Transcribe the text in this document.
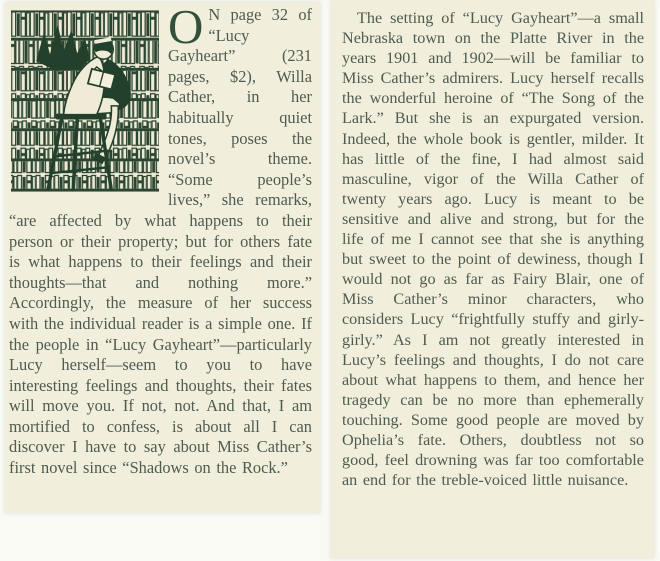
O N page 32 of “Lucy Gayheart” (231 pages, $2), Willa Cather, in her habitually quiet tones, poses the novel’s theme. “Some people’s lives,” she remarks, “are affected by what happens to their person or their property; but for others fate is what happens to their feelings and their thoughts—that and nothing more.” Accordingly, the measure of her success with the individual reader is a simple one. If the people in “Lucy Gayheart”—particularly Lucy herself—seem to you to have interesting feelings and thoughts, their fates will move you. If not, not. And that, I am mortified to confess, is about all I can discover I have to say about Miss Cather’s first novel since “Shadows on the Rock.”

The setting of “Lucy Gayheart”—a small Nebraska town on the Platte River in the years 1901 and 1902—will be familiar to Miss Cather’s admirers. Lucy herself recalls the wonderful heroine of “The Song of the Lark.” But she is an expurgated version. Indeed, the whole book is gentler, milder. It has little of the fine, I had almost said masculine, vigor of the Willa Cather of twenty years ago. Lucy is meant to be sensitive and alive and strong, but for the life of me I cannot see that she is anything but sweet to the point of dewiness, though I would not go as far as Fairy Blair, one of Miss Cather’s minor characters, who considers Lucy “frightfully stuffy and girly-girly.” As I am not greatly interested in Lucy’s feelings and thoughts, I do not care about what happens to them, and hence her tragedy can be no more than ephemerally touching. Some good people are moved by Ophelia’s fate. Others, doubtless not so good, feel drowning was far too comfortable an end for the treble-voiced little nuisance.
